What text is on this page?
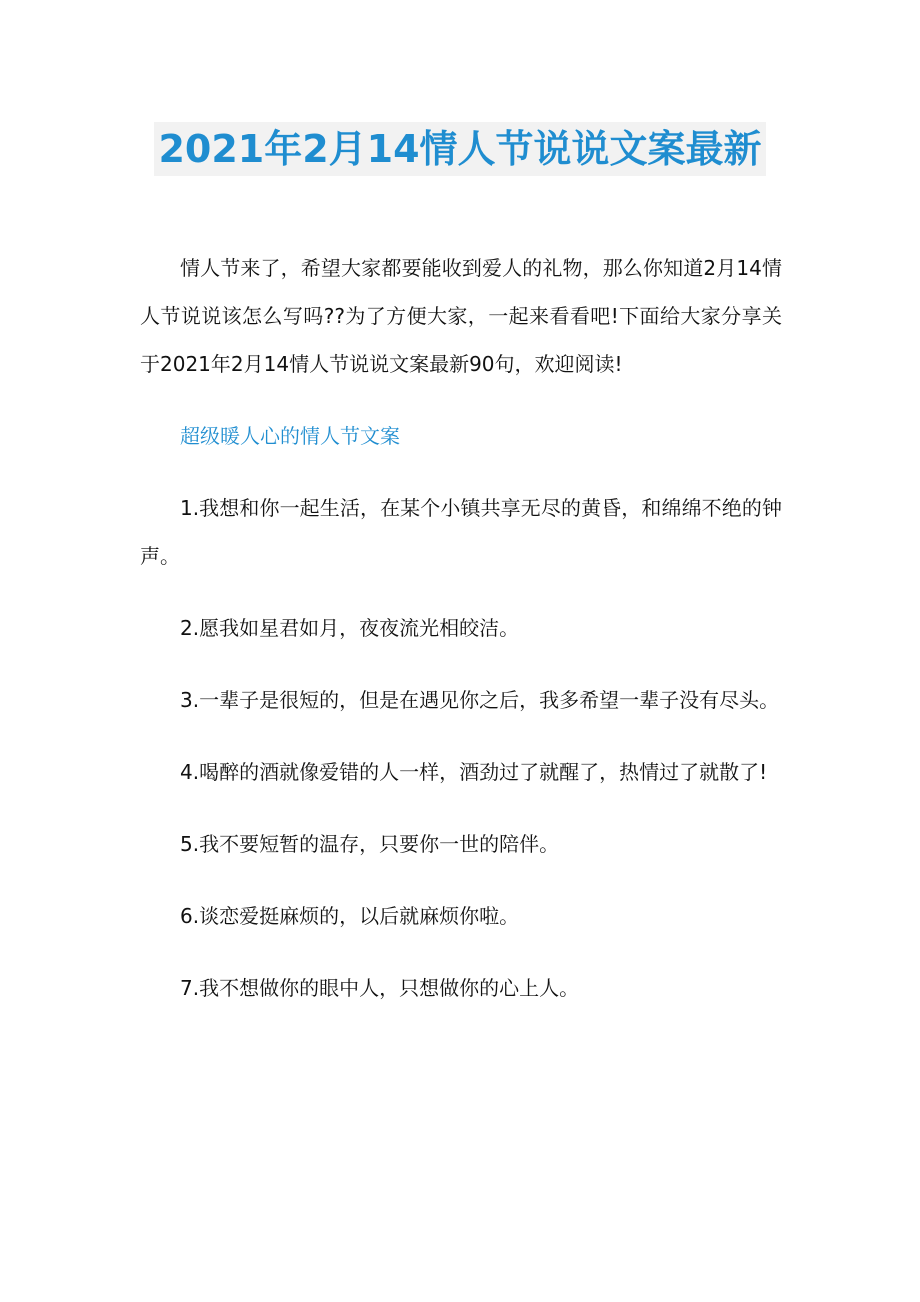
2021年2月14情人节说说文案最新

情人节来了，希望大家都要能收到爱人的礼物，那么你知道2月14情人节说说该怎么写吗??为了方便大家，一起来看看吧!下面给大家分享关于2021年2月14情人节说说文案最新90句，欢迎阅读!

超级暖人心的情人节文案

1.我想和你一起生活，在某个小镇共享无尽的黄昏，和绵绵不绝的钟声。

2.愿我如星君如月，夜夜流光相皎洁。

3.一辈子是很短的，但是在遇见你之后，我多希望一辈子没有尽头。

4.喝醉的酒就像爱错的人一样，酒劲过了就醒了，热情过了就散了!

5.我不要短暂的温存，只要你一世的陪伴。

6.谈恋爱挺麻烦的，以后就麻烦你啦。

7.我不想做你的眼中人，只想做你的心上人。
